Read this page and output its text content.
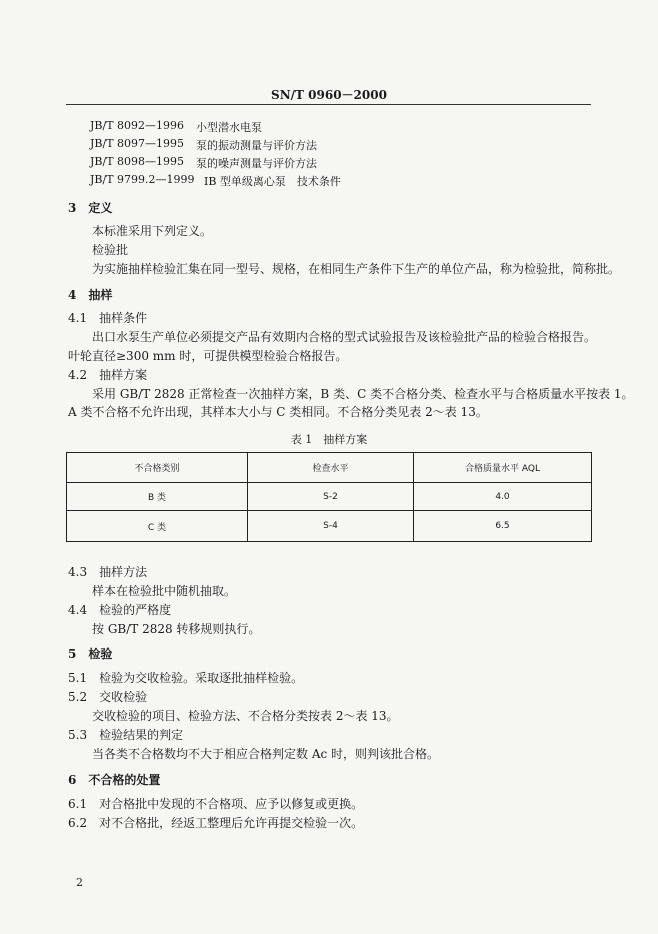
SN/T 0960－2000
JB/T 8092—1996 小型潜水电泵
JB/T 8097—1995 泵的振动测量与评价方法
JB/T 8098—1995 泵的噪声测量与评价方法
JB/T 9799.2—1999 IB 型单级离心泵　技术条件
3　定义
本标准采用下列定义。
检验批
为实施抽样检验汇集在同一型号、规格，在相同生产条件下生产的单位产品，称为检验批，简称批。
4　抽样
4.1　抽样条件
出口水泵生产单位必须提交产品有效期内合格的型式试验报告及该检验批产品的检验合格报告。
叶轮直径≥300 mm 时，可提供模型检验合格报告。
4.2　抽样方案
采用 GB/T 2828 正常检查一次抽样方案，B 类、C 类不合格分类、检查水平与合格质量水平按表 1。
A 类不合格不允许出现，其样本大小与 C 类相同。不合格分类见表 2～表 13。
表 1　抽样方案
不合格类别	检查水平	合格质量水平 AQL
B 类	S-2	4.0
C 类	S-4	6.5
4.3　抽样方法
样本在检验批中随机抽取。
4.4　检验的严格度
按 GB/T 2828 转移规则执行。
5　检验
5.1　检验为交收检验。采取逐批抽样检验。
5.2　交收检验
交收检验的项目、检验方法、不合格分类按表 2～表 13。
5.3　检验结果的判定
当各类不合格数均不大于相应合格判定数 Ac 时，则判该批合格。
6　不合格的处置
6.1　对合格批中发现的不合格项、应予以修复或更换。
6.2　对不合格批，经返工整理后允许再提交检验一次。
2
